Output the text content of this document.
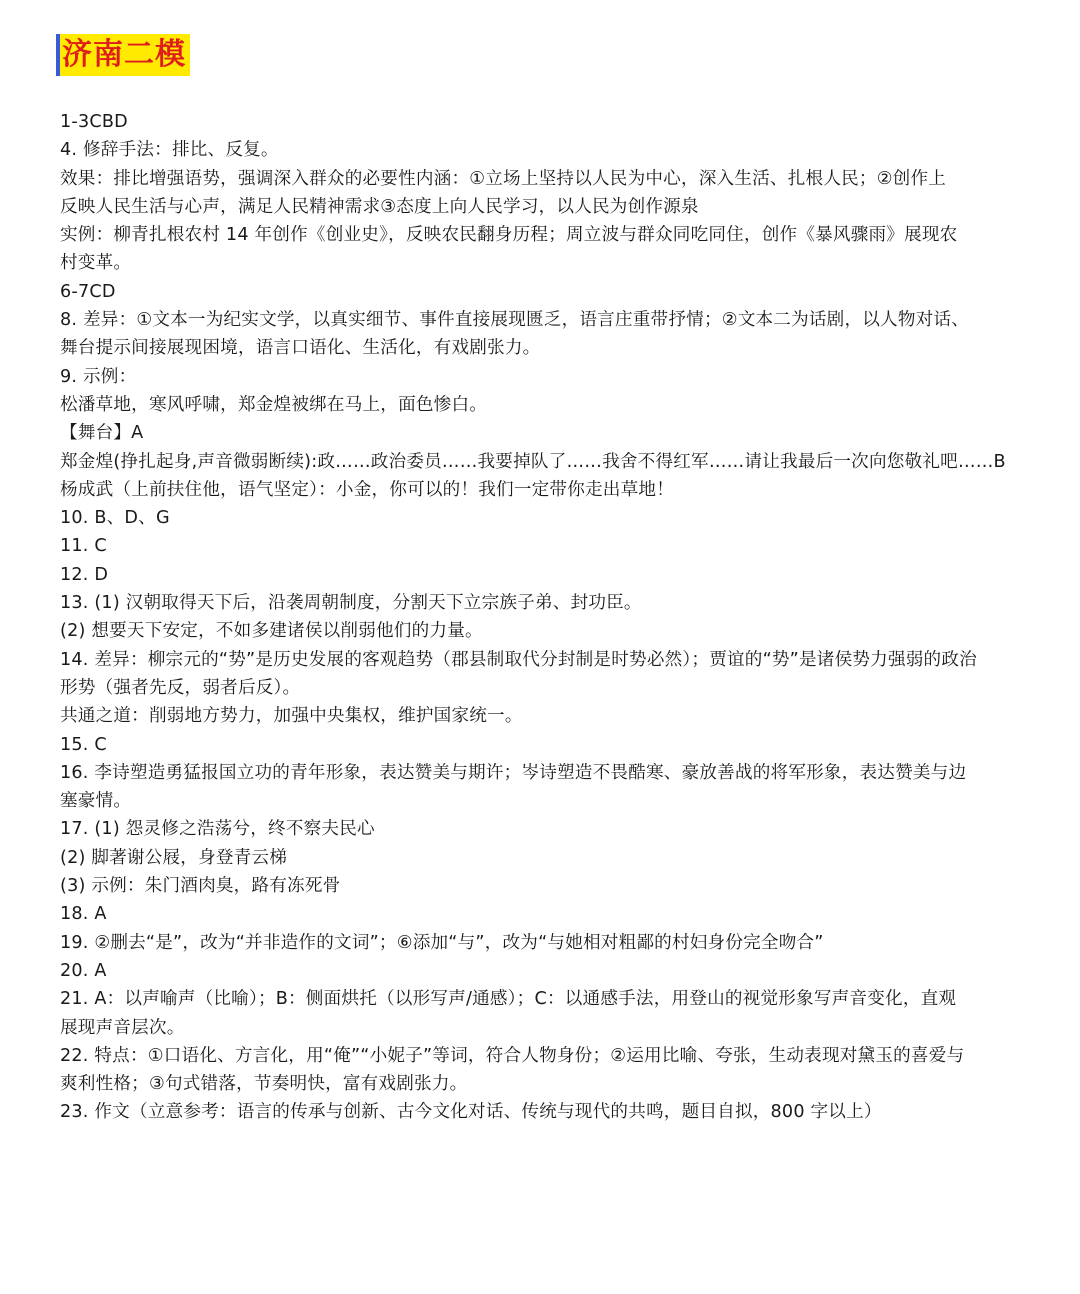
济南二模
1-3CBD
4. 修辞手法：排比、反复。
效果：排比增强语势，强调深入群众的必要性内涵：①立场上坚持以人民为中心，深入生活、扎根人民；②创作上
反映人民生活与心声，满足人民精神需求③态度上向人民学习，以人民为创作源泉
实例：柳青扎根农村 14 年创作《创业史》，反映农民翻身历程；周立波与群众同吃同住，创作《暴风骤雨》展现农
村变革。
6-7CD
8. 差异：①文本一为纪实文学，以真实细节、事件直接展现匮乏，语言庄重带抒情；②文本二为话剧，以人物对话、
舞台提示间接展现困境，语言口语化、生活化，有戏剧张力。
9. 示例：
松潘草地，寒风呼啸，郑金煌被绑在马上，面色惨白。
【舞台】A
郑金煌(挣扎起身,声音微弱断续):政……政治委员……我要掉队了……我舍不得红军……请让我最后一次向您敬礼吧……B
杨成武（上前扶住他，语气坚定）：小金，你可以的！我们一定带你走出草地！
10. B、D、G
11. C
12. D
13. (1) 汉朝取得天下后，沿袭周朝制度，分割天下立宗族子弟、封功臣。
(2) 想要天下安定，不如多建诸侯以削弱他们的力量。
14. 差异：柳宗元的“势”是历史发展的客观趋势（郡县制取代分封制是时势必然）；贾谊的“势”是诸侯势力强弱的政治
形势（强者先反，弱者后反）。
共通之道：削弱地方势力，加强中央集权，维护国家统一。
15. C
16. 李诗塑造勇猛报国立功的青年形象，表达赞美与期许；岑诗塑造不畏酷寒、豪放善战的将军形象，表达赞美与边
塞豪情。
17. (1) 怨灵修之浩荡兮，终不察夫民心
(2) 脚著谢公屐，身登青云梯
(3) 示例：朱门酒肉臭，路有冻死骨
18. A
19. ②删去“是”，改为“并非造作的文词”；⑥添加“与”，改为“与她相对粗鄙的村妇身份完全吻合”
20. A
21. A：以声喻声（比喻）；B：侧面烘托（以形写声/通感）；C：以通感手法，用登山的视觉形象写声音变化，直观
展现声音层次。
22. 特点：①口语化、方言化，用“俺”“小妮子”等词，符合人物身份；②运用比喻、夸张，生动表现对黛玉的喜爱与
爽利性格；③句式错落，节奏明快，富有戏剧张力。
23. 作文（立意参考：语言的传承与创新、古今文化对话、传统与现代的共鸣，题目自拟，800 字以上）
